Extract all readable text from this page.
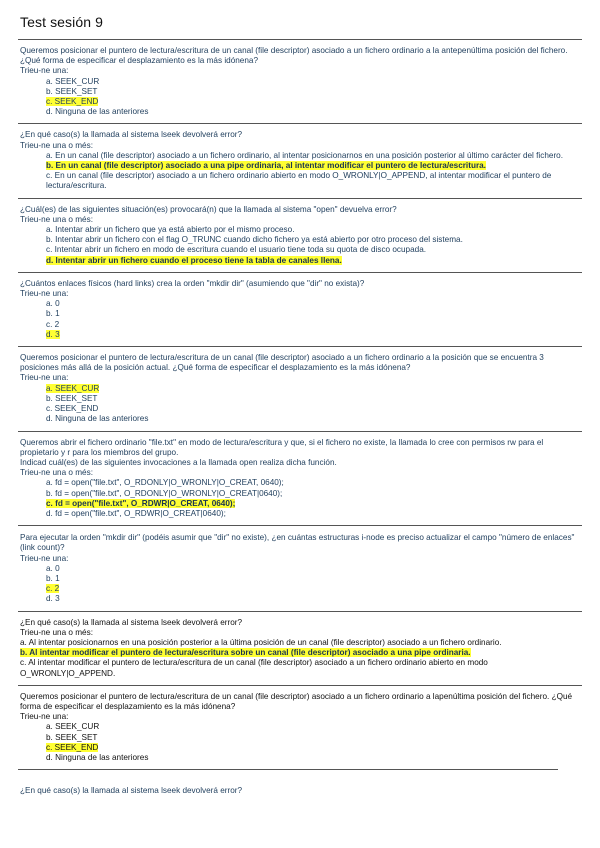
Test sesión 9

Queremos posicionar el puntero de lectura/escritura de un canal (file descriptor) asociado a un fichero ordinario a la antepenúltima posición del fichero. ¿Qué forma de especificar el desplazamiento es la más idónena?

Trieu-ne una:

a. SEEK_CUR
b. SEEK_SET
c. SEEK_END
d. Ninguna de las anteriores

¿En qué caso(s) la llamada al sistema lseek devolverá error?

Trieu-ne una o més:

a. En un canal (file descriptor) asociado a un fichero ordinario, al intentar posicionarnos en una posición posterior al último carácter del fichero.
b. En un canal (file descriptor) asociado a una pipe ordinaria, al intentar modificar el puntero de lectura/escritura.
c. En un canal (file descriptor) asociado a un fichero ordinario abierto en modo O_WRONLY|O_APPEND, al intentar modificar el puntero de lectura/escritura.

¿Cuál(es) de las siguientes situación(es) provocará(n) que la llamada al sistema "open" devuelva error?

Trieu-ne una o més:

a. Intentar abrir un fichero que ya está abierto por el mismo proceso.
b. Intentar abrir un fichero con el flag O_TRUNC cuando dicho fichero ya está abierto por otro proceso del sistema.
c. Intentar abrir un fichero en modo de escritura cuando el usuario tiene toda su quota de disco ocupada.
d. Intentar abrir un fichero cuando el proceso tiene la tabla de canales llena.

¿Cuántos enlaces físicos (hard links) crea la orden "mkdir dir" (asumiendo que "dir" no exista)?

Trieu-ne una:

a. 0
b. 1
c. 2
d. 3

Queremos posicionar el puntero de lectura/escritura de un canal (file descriptor) asociado a un fichero ordinario a la posición que se encuentra 3 posiciones más allá de la posición actual. ¿Qué forma de especificar el desplazamiento es la más idónena?

Trieu-ne una:

a. SEEK_CUR
b. SEEK_SET
c. SEEK_END
d. Ninguna de las anteriores

Queremos abrir el fichero ordinario "file.txt" en modo de lectura/escritura y que, si el fichero no existe, la llamada lo cree con permisos rw para el propietario y r para los miembros del grupo.

Indicad cuál(es) de las siguientes invocaciones a la llamada open realiza dicha función.

Trieu-ne una o més:

a. fd = open("file.txt", O_RDONLY|O_WRONLY|O_CREAT, 0640);
b. fd = open("file.txt", O_RDONLY|O_WRONLY|O_CREAT|0640);
c. fd = open("file.txt", O_RDWR|O_CREAT, 0640);
d. fd = open("file.txt", O_RDWR|O_CREAT|0640);

Para ejecutar la orden "mkdir dir" (podéis asumir que "dir" no existe), ¿en cuántas estructuras i-node es preciso actualizar el campo "número de enlaces" (link count)?

Trieu-ne una:

a. 0
b. 1
c. 2
d. 3

¿En qué caso(s) la llamada al sistema lseek devolverá error?

Trieu-ne una o més:

a. Al intentar posicionarnos en una posición posterior a la última posición de un canal (file descriptor) asociado a un fichero ordinario.
b. Al intentar modificar el puntero de lectura/escritura sobre un canal (file descriptor) asociado a una pipe ordinaria.
c. Al intentar modificar el puntero de lectura/escritura de un canal (file descriptor) asociado a un fichero ordinario abierto en modo O_WRONLY|O_APPEND.

Queremos posicionar el puntero de lectura/escritura de un canal (file descriptor) asociado a un fichero ordinario a lapenúltima posición del fichero. ¿Qué forma de especificar el desplazamiento es la más idónena?

Trieu-ne una:

a. SEEK_CUR
b. SEEK_SET
c. SEEK_END
d. Ninguna de las anteriores

¿En qué caso(s) la llamada al sistema lseek devolverá error?
